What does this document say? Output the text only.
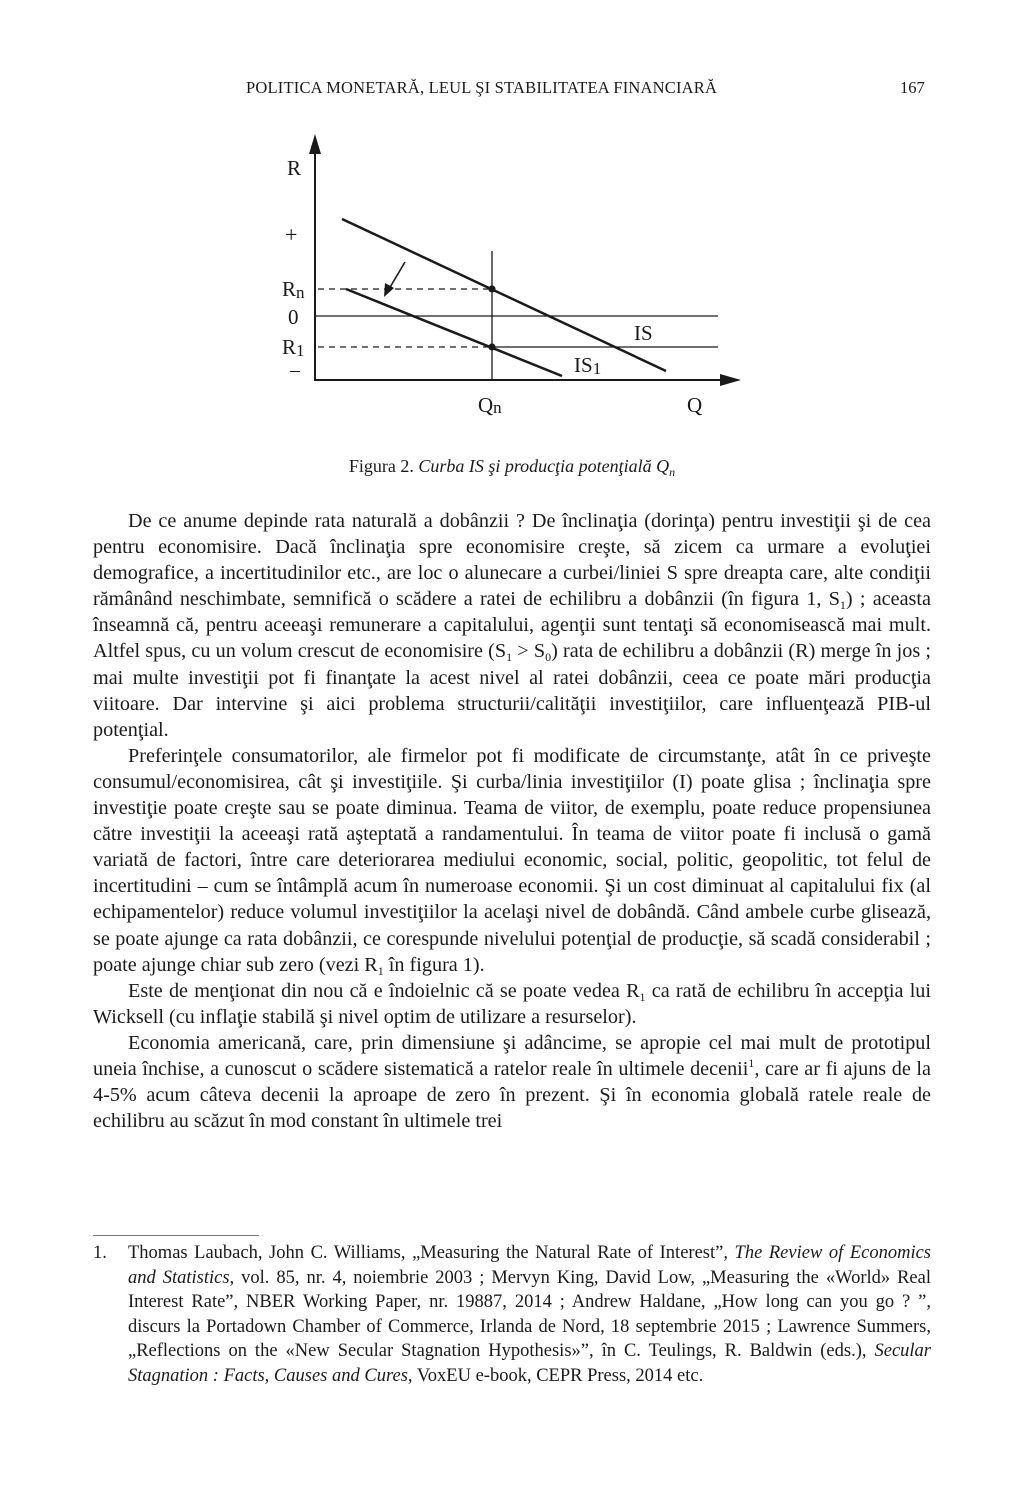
POLITICA MONETARĂ, LEUL ŞI STABILITATEA FINANCIARĂ	167
R
+
Rn
0
R1
–
Qn	Q
IS
IS1
Figura 2. Curba IS şi producţia potenţială $Q_n$

De ce anume depinde rata naturală a dobânzii ? De înclinaţia (dorinţa) pentru investiţii şi de cea pentru economisire. Dacă înclinaţia spre economisire creşte, să zicem ca urmare a evoluţiei demografice, a incertitudinilor etc., are loc o alunecare a curbei/liniei S spre dreapta care, alte condiţii rămânând neschimbate, semnifică o scădere a ratei de echilibru a dobânzii (în figura 1, $S_1$) ; aceasta înseamnă că, pentru aceeaşi remunerare a capitalului, agenţii sunt tentaţi să economisească mai mult. Altfel spus, cu un volum crescut de economisire $(S_1 > S_0)$ rata de echilibru a dobânzii (R) merge în jos ; mai multe investiţii pot fi finanţate la acest nivel al ratei dobânzii, ceea ce poate mări producţia viitoare. Dar intervine şi aici problema structurii/calităţii investiţiilor, care influenţează PIB-ul potenţial.

Preferinţele consumatorilor, ale firmelor pot fi modificate de circumstanţe, atât în ce priveşte consumul/economisirea, cât şi investiţiile. Şi curba/linia investiţiilor (I) poate glisa ; înclinaţia spre investiţie poate creşte sau se poate diminua. Teama de viitor, de exemplu, poate reduce propensiunea către investiţii la aceeaşi rată aşteptată a randamentului. În teama de viitor poate fi inclusă o gamă variată de factori, între care deteriorarea mediului economic, social, politic, geopolitic, tot felul de incertitudini – cum se întâmplă acum în numeroase economii. Şi un cost diminuat al capitalului fix (al echipamentelor) reduce volumul investiţiilor la acelaşi nivel de dobândă. Când ambele curbe glisează, se poate ajunge ca rata dobânzii, ce corespunde nivelului potenţial de producţie, să scadă considerabil ; poate ajunge chiar sub zero (vezi $R_1$ în figura 1).

Este de menţionat din nou că e îndoielnic că se poate vedea $R_1$ ca rată de echilibru în accepţia lui Wicksell (cu inflaţie stabilă şi nivel optim de utilizare a resurselor).

Economia americană, care, prin dimensiune şi adâncime, se apropie cel mai mult de prototipul uneia închise, a cunoscut o scădere sistematică a ratelor reale în ultimele decenii$^1$, care ar fi ajuns de la 4-5% acum câteva decenii la aproape de zero în prezent. Şi în economia globală ratele reale de echilibru au scăzut în mod constant în ultimele trei

1. Thomas Laubach, John C. Williams, „Measuring the Natural Rate of Interest”, The Review of Economics and Statistics, vol. 85, nr. 4, noiembrie 2003 ; Mervyn King, David Low, „Measuring the «World» Real Interest Rate”, NBER Working Paper, nr. 19887, 2014 ; Andrew Haldane, „How long can you go ? ”, discurs la Portadown Chamber of Commerce, Irlanda de Nord, 18 septembrie 2015 ; Lawrence Summers, „Reflections on the «New Secular Stagnation Hypothesis»”, în C. Teulings, R. Baldwin (eds.), Secular Stagnation : Facts, Causes and Cures, VoxEU e-book, CEPR Press, 2014 etc.
